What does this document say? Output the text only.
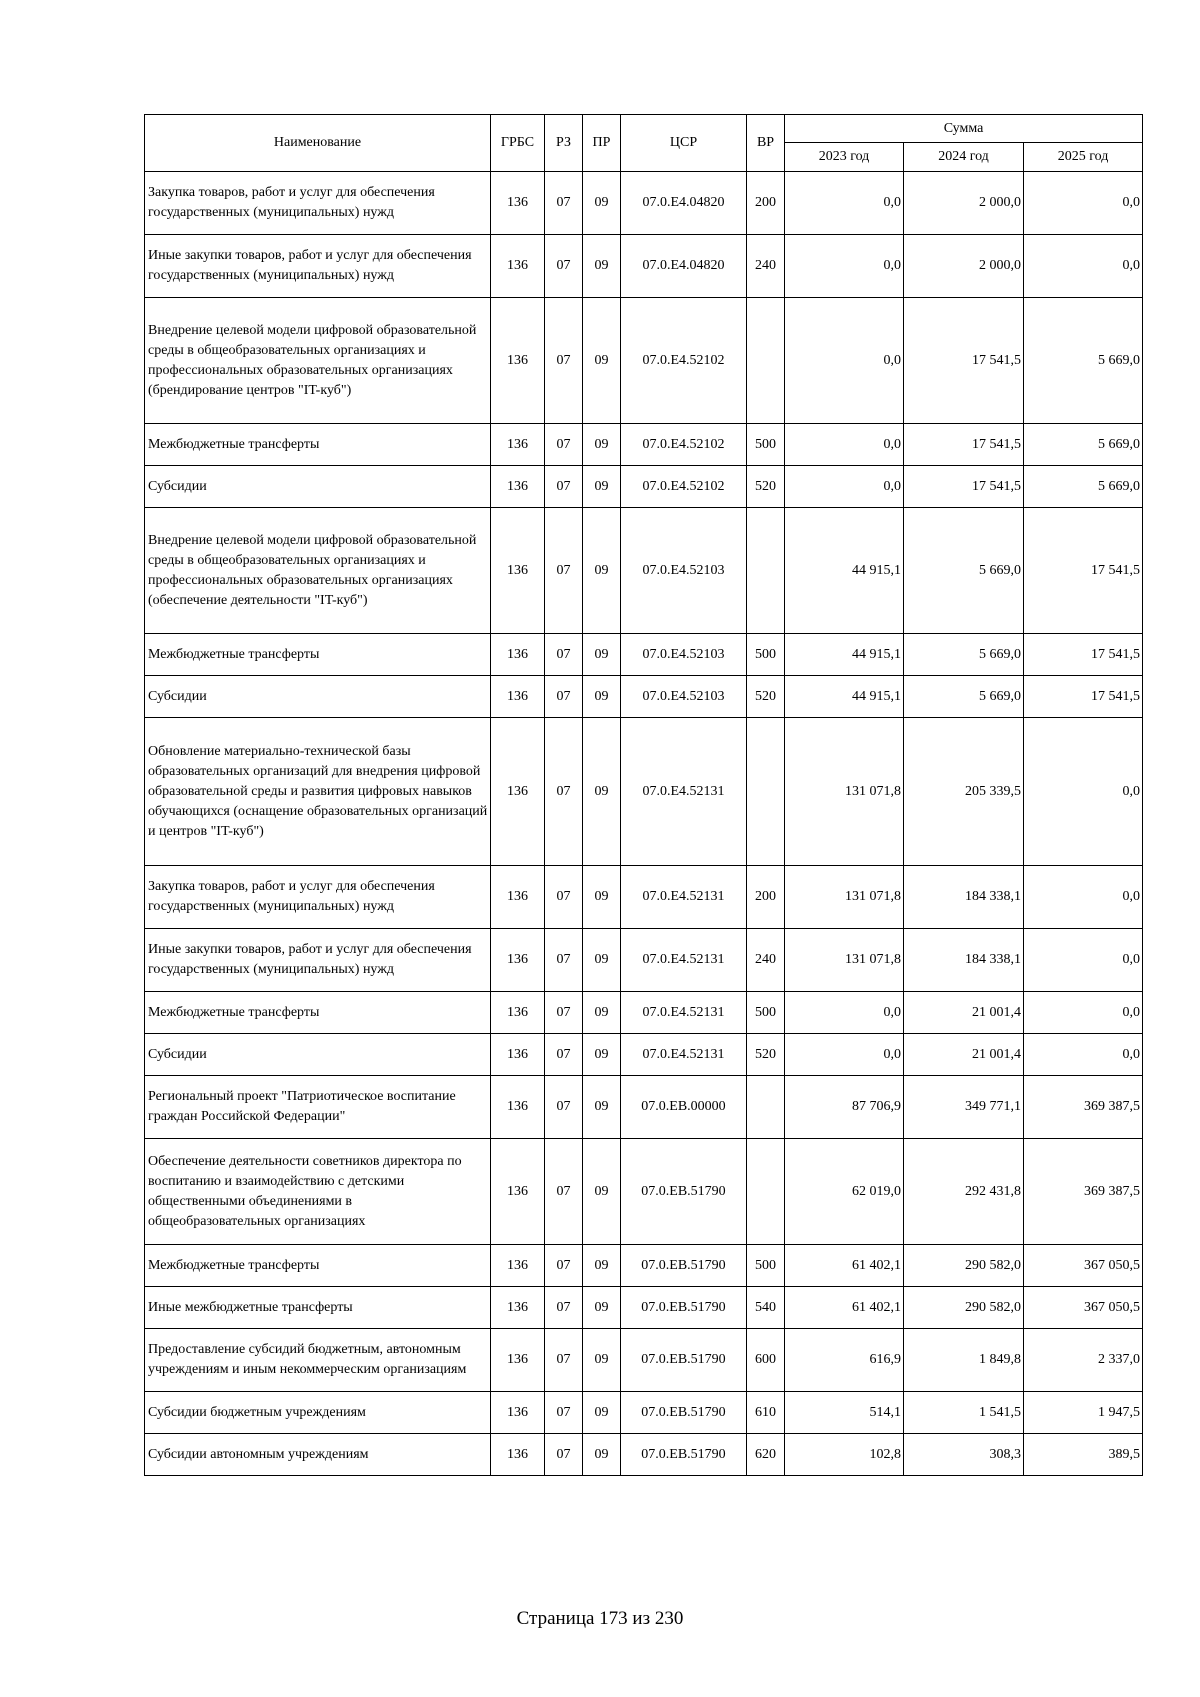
Наименование	ГРБС	РЗ	ПР	ЦСР	ВР	Сумма		
						2023 год	2024 год	2025 год
Закупка товаров, работ и услуг для обеспечения государственных (муниципальных) нужд	136	07	09	07.0.E4.04820	200	0,0	2 000,0	0,0
Иные закупки товаров, работ и услуг для обеспечения государственных (муниципальных) нужд	136	07	09	07.0.E4.04820	240	0,0	2 000,0	0,0
Внедрение целевой модели цифровой образовательной среды в общеобразовательных организациях и профессиональных образовательных организациях (брендирование центров "IT-куб")	136	07	09	07.0.E4.52102		0,0	17 541,5	5 669,0
Межбюджетные трансферты	136	07	09	07.0.E4.52102	500	0,0	17 541,5	5 669,0
Субсидии	136	07	09	07.0.E4.52102	520	0,0	17 541,5	5 669,0
Внедрение целевой модели цифровой образовательной среды в общеобразовательных организациях и профессиональных образовательных организациях (обеспечение деятельности "IT-куб")	136	07	09	07.0.E4.52103		44 915,1	5 669,0	17 541,5
Межбюджетные трансферты	136	07	09	07.0.E4.52103	500	44 915,1	5 669,0	17 541,5
Субсидии	136	07	09	07.0.E4.52103	520	44 915,1	5 669,0	17 541,5
Обновление материально-технической базы образовательных организаций для внедрения цифровой образовательной среды и развития цифровых навыков обучающихся (оснащение образовательных организаций и центров "IT-куб")	136	07	09	07.0.E4.52131		131 071,8	205 339,5	0,0
Закупка товаров, работ и услуг для обеспечения государственных (муниципальных) нужд	136	07	09	07.0.E4.52131	200	131 071,8	184 338,1	0,0
Иные закупки товаров, работ и услуг для обеспечения государственных (муниципальных) нужд	136	07	09	07.0.E4.52131	240	131 071,8	184 338,1	0,0
Межбюджетные трансферты	136	07	09	07.0.E4.52131	500	0,0	21 001,4	0,0
Субсидии	136	07	09	07.0.E4.52131	520	0,0	21 001,4	0,0
Региональный проект "Патриотическое воспитание граждан Российской Федерации"	136	07	09	07.0.EB.00000		87 706,9	349 771,1	369 387,5
Обеспечение деятельности советников директора по воспитанию и взаимодействию с детскими общественными объединениями в общеобразовательных организациях	136	07	09	07.0.EB.51790		62 019,0	292 431,8	369 387,5
Межбюджетные трансферты	136	07	09	07.0.EB.51790	500	61 402,1	290 582,0	367 050,5
Иные межбюджетные трансферты	136	07	09	07.0.EB.51790	540	61 402,1	290 582,0	367 050,5
Предоставление субсидий бюджетным, автономным учреждениям и иным некоммерческим организациям	136	07	09	07.0.EB.51790	600	616,9	1 849,8	2 337,0
Субсидии бюджетным учреждениям	136	07	09	07.0.EB.51790	610	514,1	1 541,5	1 947,5
Субсидии автономным учреждениям	136	07	09	07.0.EB.51790	620	102,8	308,3	389,5
Страница 173 из 230
